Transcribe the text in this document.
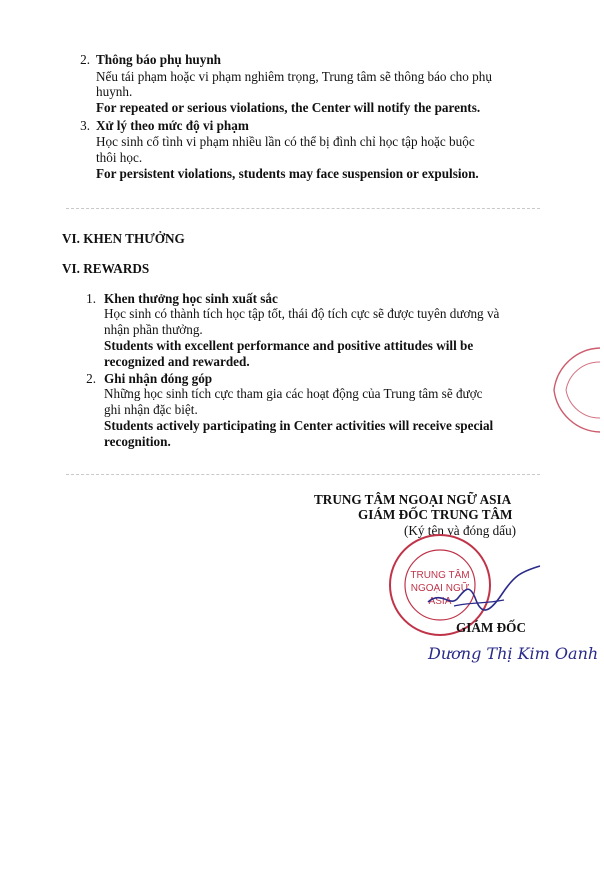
2. Thông báo phụ huynh
Nếu tái phạm hoặc vi phạm nghiêm trọng, Trung tâm sẽ thông báo cho phụ
huynh.
For repeated or serious violations, the Center will notify the parents.
3. Xử lý theo mức độ vi phạm
Học sinh cố tình vi phạm nhiều lần có thể bị đình chỉ học tập hoặc buộc
thôi học.
For persistent violations, students may face suspension or expulsion.
VI. KHEN THƯỞNG
VI. REWARDS
1. Khen thưởng học sinh xuất sắc
Học sinh có thành tích học tập tốt, thái độ tích cực sẽ được tuyên dương và
nhận phần thưởng.
Students with excellent performance and positive attitudes will be
recognized and rewarded.
2. Ghi nhận đóng góp
Những học sinh tích cực tham gia các hoạt động của Trung tâm sẽ được
ghi nhận đặc biệt.
Students actively participating in Center activities will receive special
recognition.
TRUNG TÂM NGOẠI NGỮ ASIA
GIÁM ĐỐC TRUNG TÂM
(Ký tên và đóng dấu)
TRUNG TÂM
NGOẠI NGỮ
ASIA
GIÁM ĐỐC
Dương Thị Kim Oanh
